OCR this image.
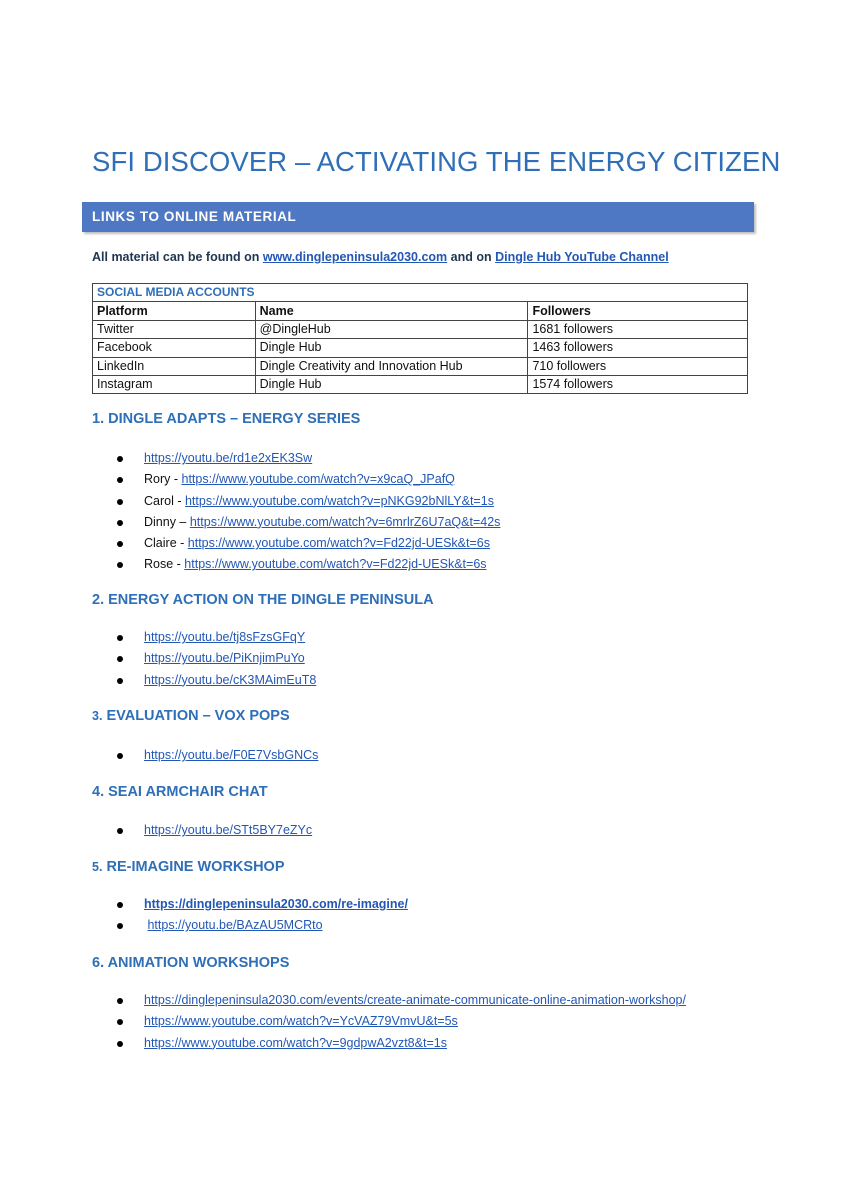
SFI DISCOVER – ACTIVATING THE ENERGY CITIZEN
LINKS TO ONLINE MATERIAL
All material can be found on www.dinglepeninsula2030.com and on Dingle Hub YouTube Channel
SOCIAL MEDIA ACCOUNTS		
Platform	Name	Followers
Twitter	@DingleHub	1681 followers
Facebook	Dingle Hub	1463 followers
LinkedIn	Dingle Creativity and Innovation Hub	710 followers
Instagram	Dingle Hub	1574 followers
1. DINGLE ADAPTS – ENERGY SERIES
https://youtu.be/rd1e2xEK3Sw
Rory - https://www.youtube.com/watch?v=x9caQ_JPafQ
Carol - https://www.youtube.com/watch?v=pNKG92bNlLY&t=1s
Dinny – https://www.youtube.com/watch?v=6mrlrZ6U7aQ&t=42s
Claire - https://www.youtube.com/watch?v=Fd22jd-UESk&t=6s
Rose - https://www.youtube.com/watch?v=Fd22jd-UESk&t=6s
2. ENERGY ACTION ON THE DINGLE PENINSULA
https://youtu.be/tj8sFzsGFqY
https://youtu.be/PiKnjimPuYo
https://youtu.be/cK3MAimEuT8
3. EVALUATION – VOX POPS
https://youtu.be/F0E7VsbGNCs
4. SEAI ARMCHAIR CHAT
https://youtu.be/STt5BY7eZYc
5. RE-IMAGINE WORKSHOP
https://dinglepeninsula2030.com/re-imagine/
https://youtu.be/BAzAU5MCRto
6. ANIMATION WORKSHOPS
https://dinglepeninsula2030.com/events/create-animate-communicate-online-animation-workshop/
https://www.youtube.com/watch?v=YcVAZ79VmvU&t=5s
https://www.youtube.com/watch?v=9gdpwA2vzt8&t=1s
